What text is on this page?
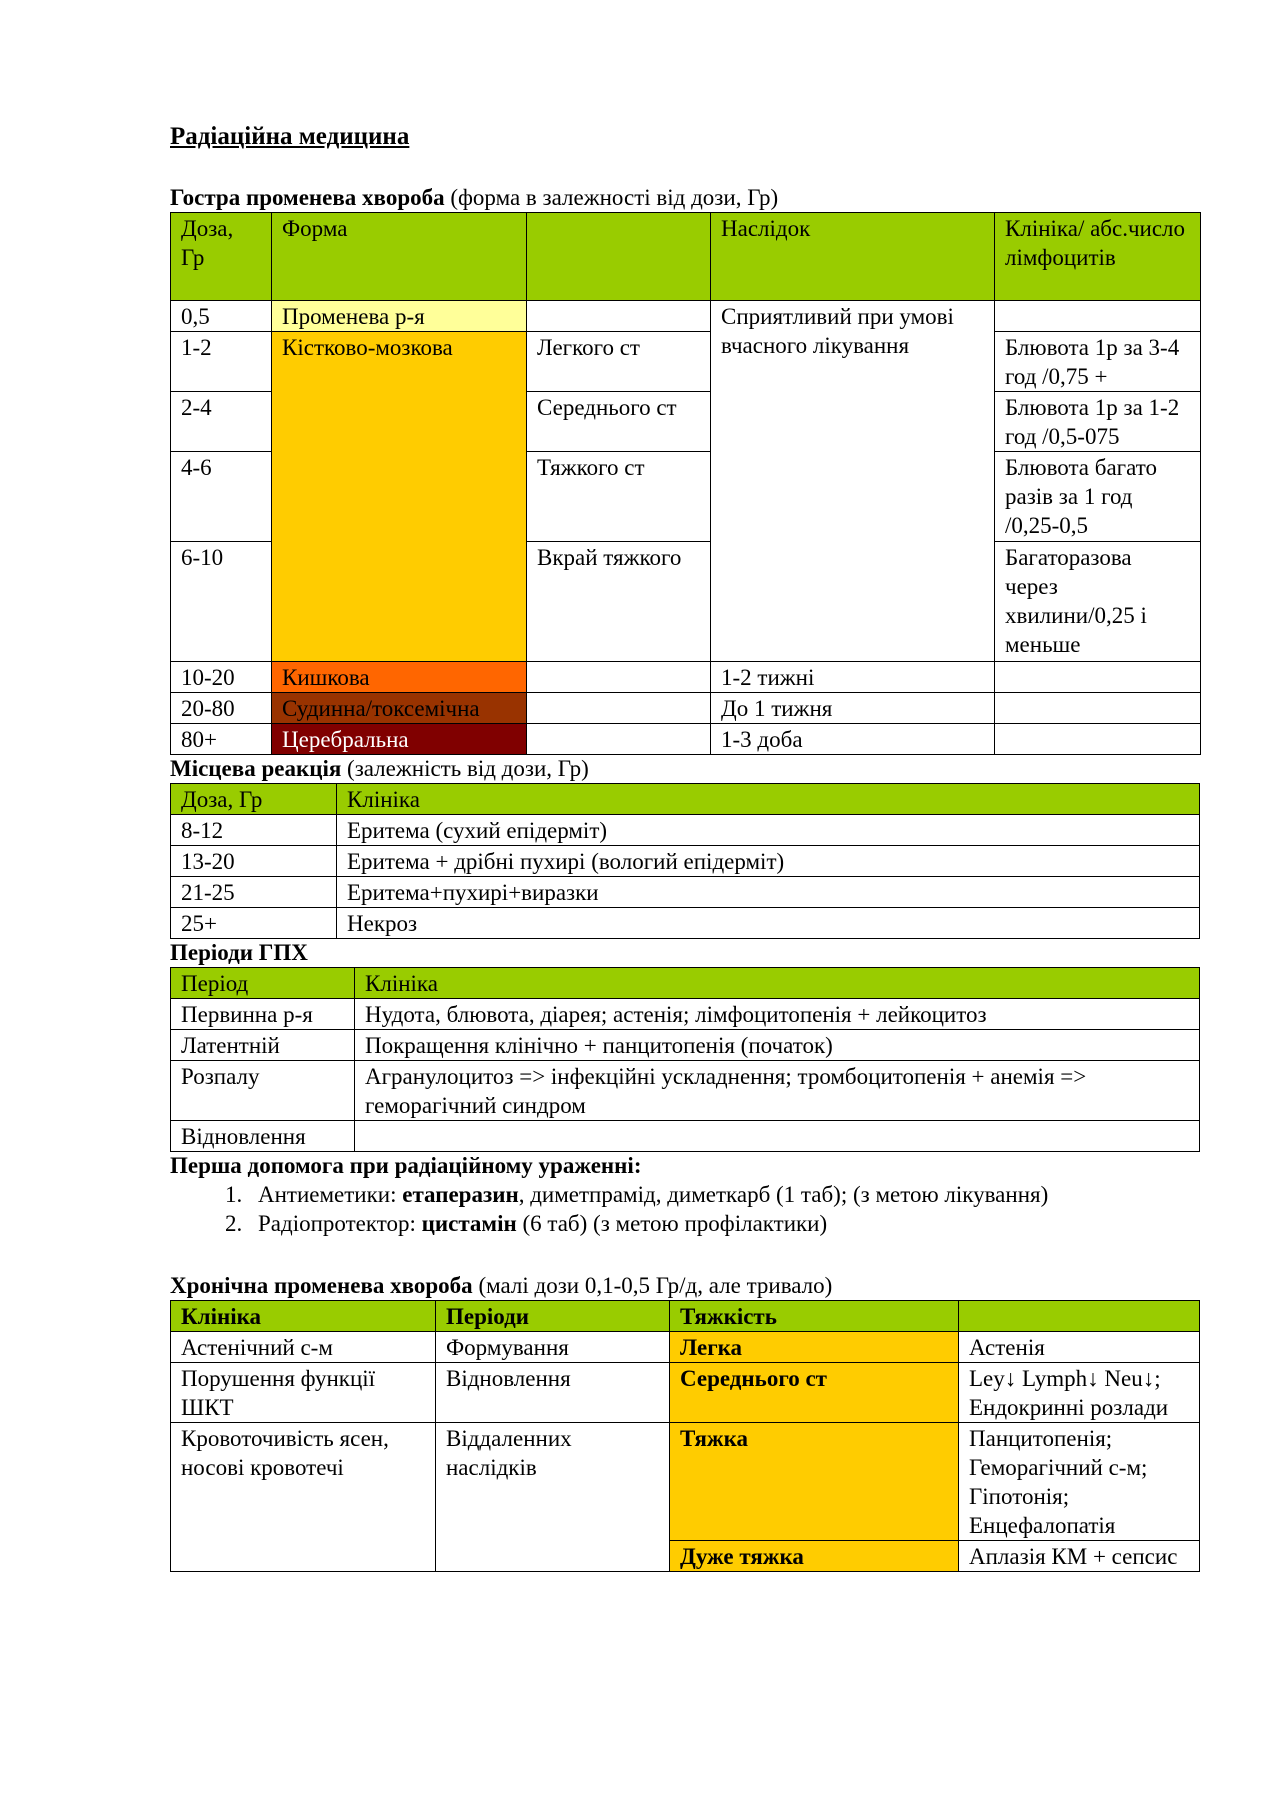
Радіаційна медицина
Гостра променева хвороба (форма в залежності від дози, Гр)
Доза, Гр	Форма		Наслідок	Клініка/ абс.число лімфоцитів
0,5	Променева р-я		Сприятливий при умові вчасного лікування	
1-2	Кістково-мозкова	Легкого ст		Блювота 1р за 3-4 год /0,75 +
2-4		Середнього ст		Блювота 1р за 1-2 год /0,5-075
4-6		Тяжкого ст		Блювота багато разів за 1 год /0,25-0,5
6-10		Вкрай тяжкого		Багаторазова через хвилини/0,25 і меньше
10-20	Кишкова		1-2 тижні	
20-80	Судинна/токсемічна		До 1 тижня	
80+	Церебральна		1-3 доба	
Місцева реакція (залежність від дози, Гр)
Доза, Гр	Клініка
8-12	Еритема (сухий епідерміт)
13-20	Еритема + дрібні пухирі (вологий епідерміт)
21-25	Еритема+пухирі+виразки
25+	Некроз
Періоди ГПХ
Період	Клініка
Первинна р-я	Нудота, блювота, діарея; астенія; лімфоцитопенія + лейкоцитоз
Латентній	Покращення клінічно + панцитопенія (початок)
Розпалу	Агранулоцитоз => інфекційні ускладнення; тромбоцитопенія + анемія => геморагічний синдром
Відновлення	
Перша допомога при радіаційному ураженні:
1. Антиеметики: етаперазин, диметпрамід, диметкарб (1 таб); (з метою лікування)
2. Радіопротектор: цистамін (6 таб) (з метою профілактики)
Хронічна променева хвороба (малі дози 0,1-0,5 Гр/д, але тривало)
Клініка	Періоди	Тяжкість	
Астенічний с-м	Формування	Легка	Астенія
Порушення функції ШКТ	Відновлення	Середнього ст	Ley↓ Lymph↓ Neu↓; Ендокринні розлади
Кровоточивість ясен, носові кровотечі	Віддаленних наслідків	Тяжка	Панцитопенія; Геморагічний с-м; Гіпотонія; Енцефалопатія
		Дуже тяжка	Аплазія КМ + сепсис
